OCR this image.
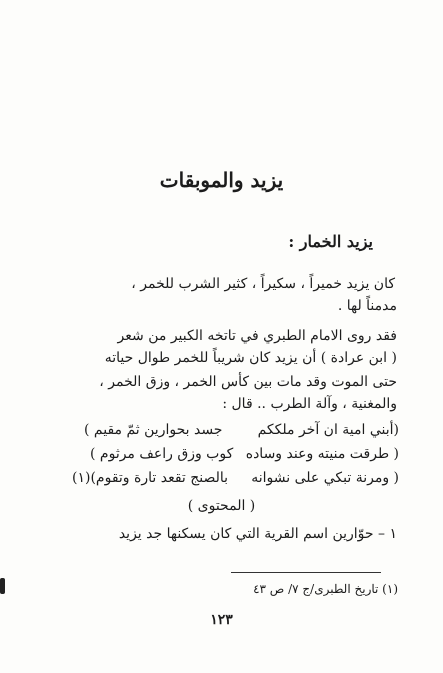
يزيد والموبقات
يزيد الخمار :
كان يزيد خميراً ، سكيراً ، كثير الشرب للخمر ،
مدمناً لها .
فقد روى الامام الطبري في تاتخه الكبير من شعر
( ابن عرادة ) أن يزيد كان شريباً للخمر طوال حياته
حتى الموت وقد مات بين كأس الخمر ، وزق الخمر ،
والمغنية ، وآلة الطرب .. قال :
(أبني امية ان آخر ملككم
جسد بحوارين ثمّ مقيم )
( طرقت منيته وعند وساده
كوب وزق راعف مرثوم )
( ومرنة تبكي على نشوانه
بالصنج تقعد تارة وتقوم)(١)
( المحتوى )
١ – حوّارين اسم القرية التي كان يسكنها جد يزيد
(١) تاريخ الطبرى/ج ٧/ ص ٤٣
١٢٣
